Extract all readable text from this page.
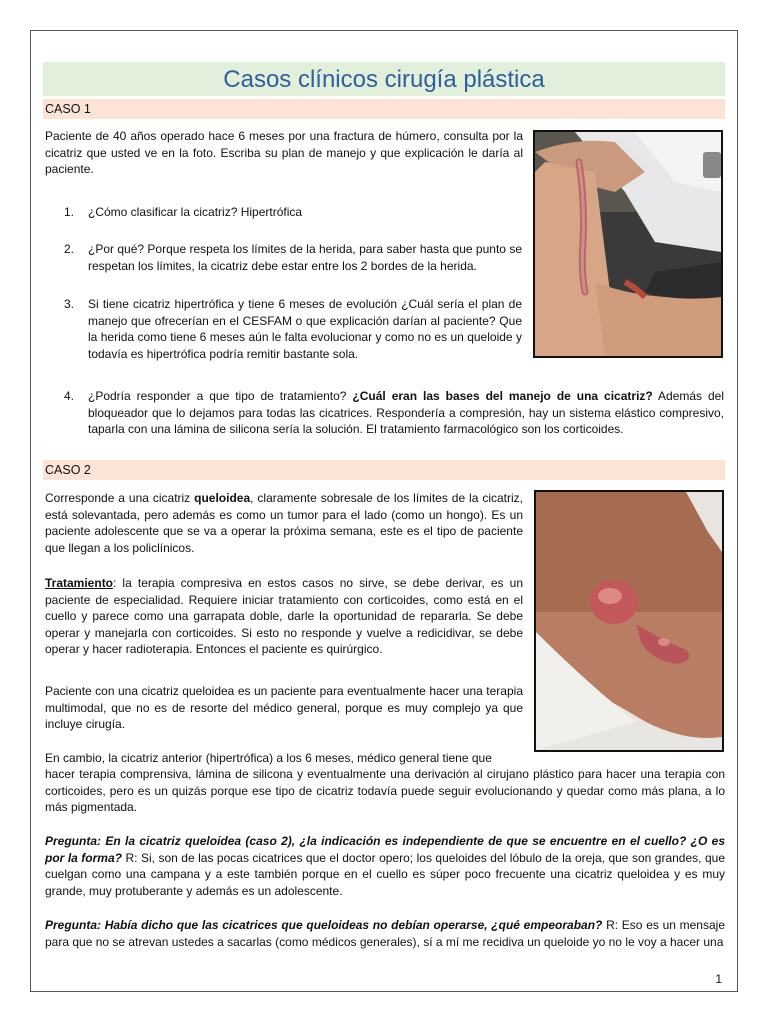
Casos clínicos cirugía plástica
CASO 1
Paciente de 40 años operado hace 6 meses por una fractura de húmero, consulta por la cicatriz que usted ve en la foto. Escriba su plan de manejo y que explicación le daría al paciente.
1. ¿Cómo clasificar la cicatriz? Hipertrófica
2. ¿Por qué? Porque respeta los límites de la herida, para saber hasta que punto se respetan los límites, la cicatriz debe estar entre los 2 bordes de la herida.
3. Si tiene cicatriz hipertrófica y tiene 6 meses de evolución ¿Cuál sería el plan de manejo que ofrecerían en el CESFAM o que explicación darían al paciente? Que la herida como tiene 6 meses aún le falta evolucionar y como no es un queloide y todavía es hipertrófica podría remitir bastante sola.
4. ¿Podría responder a que tipo de tratamiento? ¿Cuál eran las bases del manejo de una cicatriz? Además del bloqueador que lo dejamos para todas las cicatrices. Respondería a compresión, hay un sistema elástico compresivo, taparla con una lámina de silicona sería la solución. El tratamiento farmacológico son los corticoides.
CASO 2
Corresponde a una cicatriz queloidea, claramente sobresale de los límites de la cicatriz, está solevantada, pero además es como un tumor para el lado (como un hongo). Es un paciente adolescente que se va a operar la próxima semana, este es el tipo de paciente que llegan a los policlínicos.
Tratamiento: la terapia compresiva en estos casos no sirve, se debe derivar, es un paciente de especialidad. Requiere iniciar tratamiento con corticoides, como está en el cuello y parece como una garrapata doble, darle la oportunidad de repararla. Se debe operar y manejarla con corticoides. Si esto no responde y vuelve a redicidivar, se debe operar y hacer radioterapia. Entonces el paciente es quirúrgico.
Paciente con una cicatriz queloidea es un paciente para eventualmente hacer una terapia multimodal, que no es de resorte del médico general, porque es muy complejo ya que incluye cirugía.
En cambio, la cicatriz anterior (hipertrófica) a los 6 meses, médico general tiene que
hacer terapia comprensiva, lámina de silicona y eventualmente una derivación al cirujano plástico para hacer una terapia con corticoides, pero es un quizás porque ese tipo de cicatriz todavía puede seguir evolucionando y quedar como más plana, a lo más pigmentada.
Pregunta: En la cicatriz queloidea (caso 2), ¿la indicación es independiente de que se encuentre en el cuello? ¿O es por la forma? R: Si, son de las pocas cicatrices que el doctor opero; los queloides del lóbulo de la oreja, que son grandes, que cuelgan como una campana y a este también porque en el cuello es súper poco frecuente una cicatriz queloidea y es muy grande, muy protuberante y además es un adolescente.
Pregunta: Había dicho que las cicatrices que queloideas no debían operarse, ¿qué empeoraban? R: Eso es un mensaje para que no se atrevan ustedes a sacarlas (como médicos generales), sí a mí me recidiva un queloide yo no le voy a hacer una
1
